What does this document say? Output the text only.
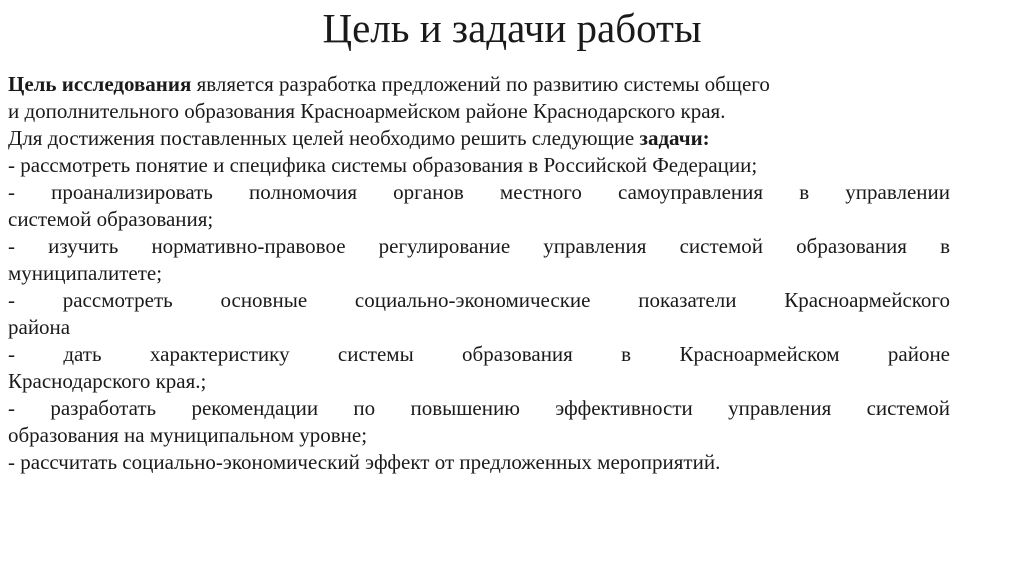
Цель и задачи работы
Цель исследования является разработка предложений по развитию системы общего
и дополнительного образования Красноармейском районе Краснодарского края.
Для достижения поставленных целей необходимо решить следующие задачи:
- рассмотреть понятие и специфика системы образования в Российской Федерации;
- проанализировать полномочия органов местного самоуправления в управлении
системой образования;
- изучить нормативно-правовое регулирование управления системой образования в
муниципалитете;
- рассмотреть основные социально-экономические показатели Красноармейского
района
- дать характеристику системы образования в Красноармейском районе
Краснодарского края.;
- разработать рекомендации по повышению эффективности управления системой
образования на муниципальном уровне;
- рассчитать социально-экономический эффект от предложенных мероприятий.
